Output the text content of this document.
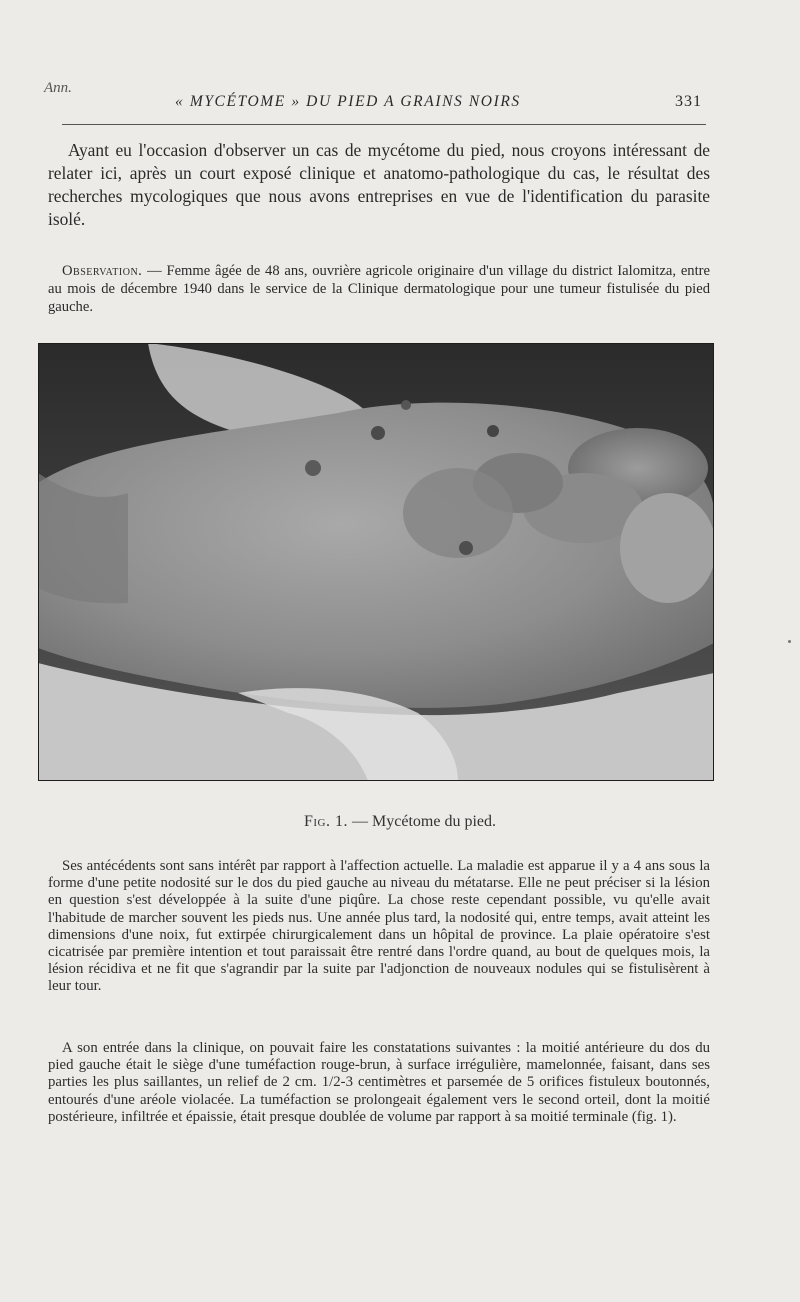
Ann.
« MYCÉTOME » DU PIED A GRAINS NOIRS	331

Ayant eu l'occasion d'observer un cas de mycétome du pied, nous croyons intéressant de relater ici, après un court exposé clinique et anatomo-pathologique du cas, le résultat des recherches mycologiques que nous avons entreprises en vue de l'identification du parasite isolé.

Observation. — Femme âgée de 48 ans, ouvrière agricole originaire d'un village du district Ialomitza, entre au mois de décembre 1940 dans le service de la Clinique dermatologique pour une tumeur fistulisée du pied gauche.

Fig. 1. — Mycétome du pied.

Ses antécédents sont sans intérêt par rapport à l'affection actuelle. La maladie est apparue il y a 4 ans sous la forme d'une petite nodosité sur le dos du pied gauche au niveau du métatarse. Elle ne peut préciser si la lésion en question s'est développée à la suite d'une piqûre. La chose reste cependant possible, vu qu'elle avait l'habitude de marcher souvent les pieds nus. Une année plus tard, la nodosité qui, entre temps, avait atteint les dimensions d'une noix, fut extirpée chirurgicalement dans un hôpital de province. La plaie opératoire s'est cicatrisée par première intention et tout paraissait être rentré dans l'ordre quand, au bout de quelques mois, la lésion récidiva et ne fit que s'agrandir par la suite par l'adjonction de nouveaux nodules qui se fistulisèrent à leur tour.

A son entrée dans la clinique, on pouvait faire les constatations suivantes : la moitié antérieure du dos du pied gauche était le siège d'une tuméfaction rouge-brun, à surface irrégulière, mamelonnée, faisant, dans ses parties les plus saillantes, un relief de 2 cm. 1/2-3 centimètres et parsemée de 5 orifices fistuleux boutonnés, entourés d'une aréole violacée. La tuméfaction se prolongeait également vers le second orteil, dont la moitié postérieure, infiltrée et épaissie, était presque doublée de volume par rapport à sa moitié terminale (fig. 1).
